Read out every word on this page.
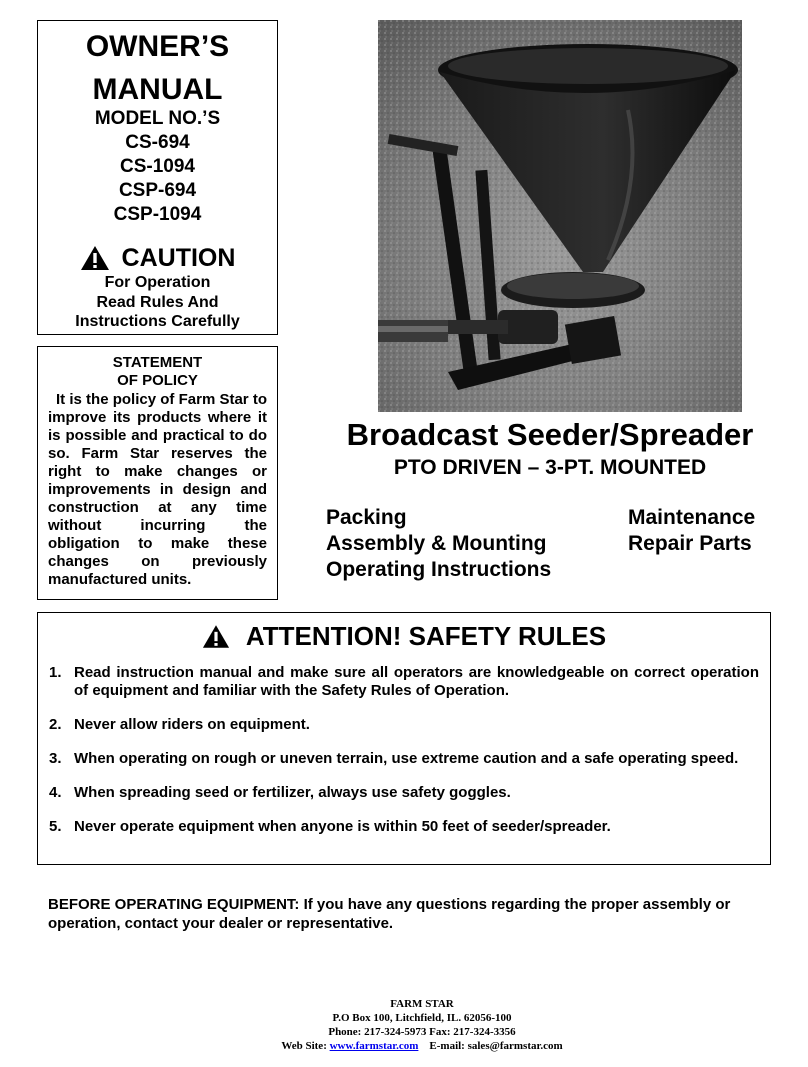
OWNER’S
MANUAL
MODEL NO.’S
CS-694
CS-1094
CSP-694
CSP-1094
CAUTION
For Operation
Read Rules And
Instructions Carefully
STATEMENT
OF POLICY
It is the policy of Farm Star to improve its products where it is possible and practical to do so. Farm Star reserves the right to make changes or improvements in design and construction at any time without incurring the obligation to make these changes on previously manufactured units.
Broadcast Seeder/Spreader
PTO DRIVEN – 3-PT. MOUNTED
Packing
Assembly & Mounting
Operating Instructions
Maintenance
Repair Parts
ATTENTION! SAFETY RULES
1. Read instruction manual and make sure all operators are knowledgeable on correct operation of equipment and familiar with the Safety Rules of Operation.
2. Never allow riders on equipment.
3. When operating on rough or uneven terrain, use extreme caution and a safe operating speed.
4. When spreading seed or fertilizer, always use safety goggles.
5. Never operate equipment when anyone is within 50 feet of seeder/spreader.
BEFORE OPERATING EQUIPMENT: If you have any questions regarding the proper assembly or operation, contact your dealer or representative.
FARM STAR
P.O Box 100, Litchfield, IL. 62056-100
Phone: 217-324-5973 Fax: 217-324-3356
Web Site: www.farmstar.com E-mail: sales@farmstar.com
